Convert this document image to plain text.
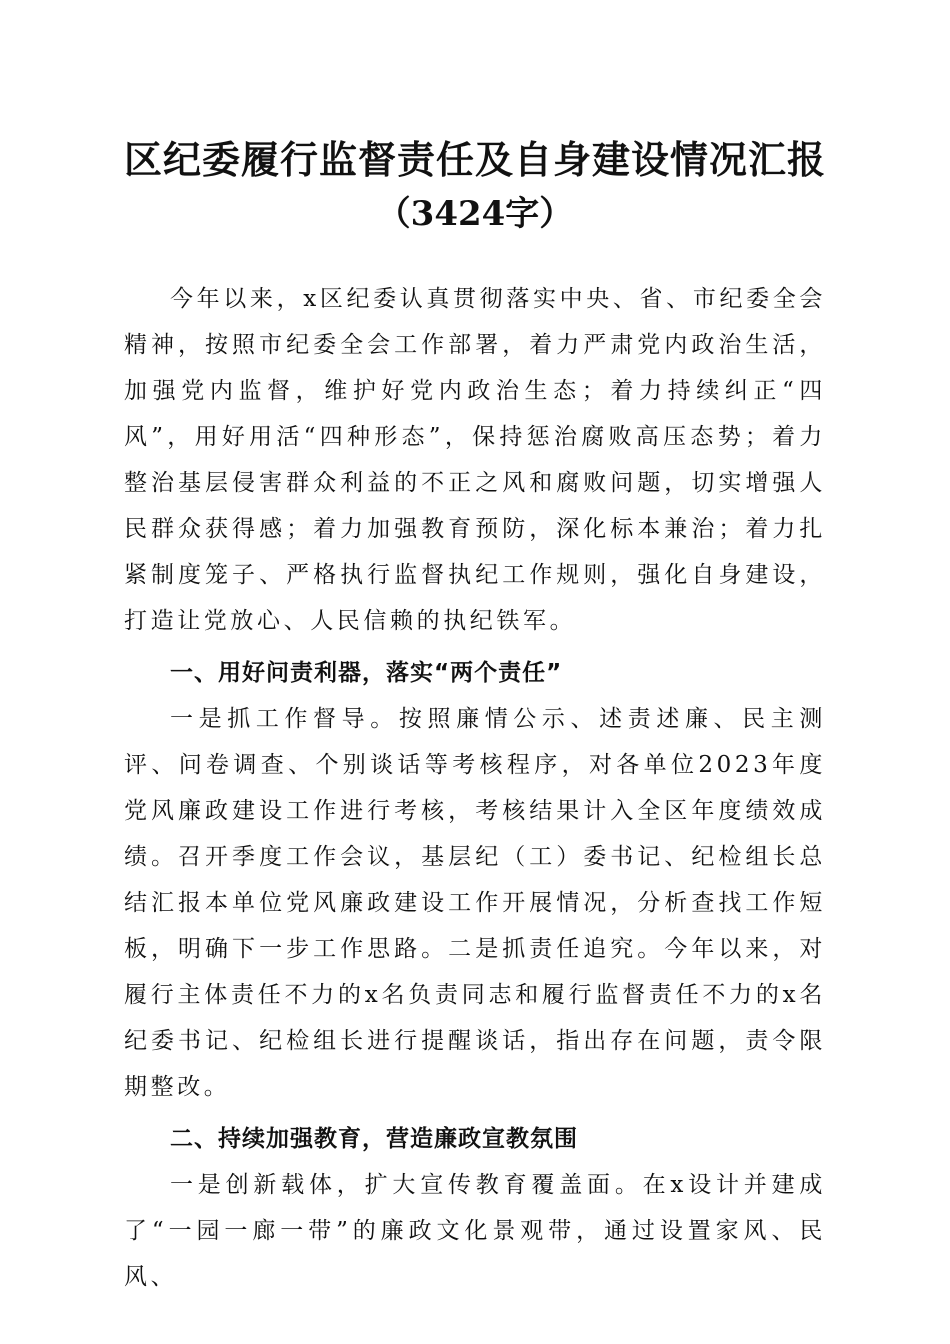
区纪委履行监督责任及自身建设情况汇报
（3424字）

今年以来，x区纪委认真贯彻落实中央、省、市纪委全会精神，按照市纪委全会工作部署，着力严肃党内政治生活，加强党内监督，维护好党内政治生态；着力持续纠正“四风”，用好用活“四种形态”，保持惩治腐败高压态势；着力整治基层侵害群众利益的不正之风和腐败问题，切实增强人民群众获得感；着力加强教育预防，深化标本兼治；着力扎紧制度笼子、严格执行监督执纪工作规则，强化自身建设，打造让党放心、人民信赖的执纪铁军。

一、用好问责利器，落实“两个责任”

一是抓工作督导。按照廉情公示、述责述廉、民主测评、问卷调查、个别谈话等考核程序，对各单位2023年度党风廉政建设工作进行考核，考核结果计入全区年度绩效成绩。召开季度工作会议，基层纪（工）委书记、纪检组长总结汇报本单位党风廉政建设工作开展情况，分析查找工作短板，明确下一步工作思路。二是抓责任追究。今年以来，对履行主体责任不力的x名负责同志和履行监督责任不力的x名纪委书记、纪检组长进行提醒谈话，指出存在问题，责令限期整改。

二、持续加强教育，营造廉政宣教氛围

一是创新载体，扩大宣传教育覆盖面。在x设计并建成了“一园一廊一带”的廉政文化景观带，通过设置家风、民风、
